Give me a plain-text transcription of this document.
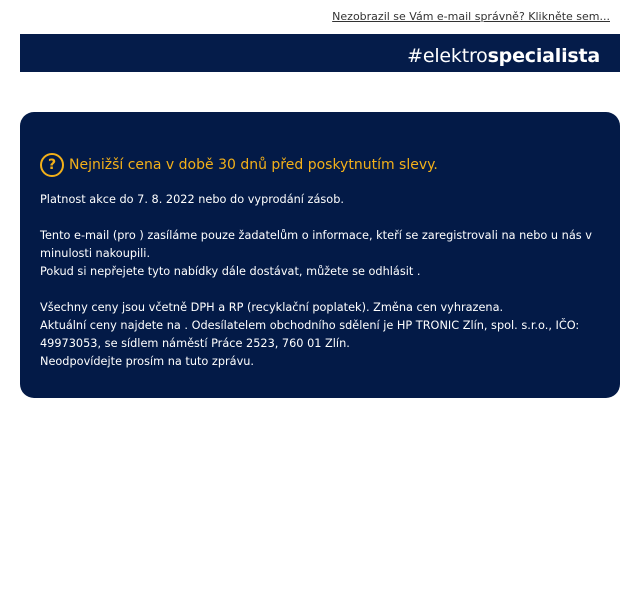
Nezobrazil se Vám e-mail správně? Klikněte sem...
#elektrospecialista
? Nejnižší cena v době 30 dnů před poskytnutím slevy.

Platnost akce do 7. 8. 2022 nebo do vyprodání zásob.

Tento e-mail (pro ) zasíláme pouze žadatelům o informace, kteří se zaregistrovali na nebo u nás v minulosti nakoupili.

Pokud si nepřejete tyto nabídky dále dostávat, můžete se odhlásit .

Všechny ceny jsou včetně DPH a RP (recyklační poplatek). Změna cen vyhrazena.

Aktuální ceny najdete na . Odesílatelem obchodního sdělení je HP TRONIC Zlín, spol. s.r.o., IČO: 49973053, se sídlem náměstí Práce 2523, 760 01 Zlín.

Neodpovídejte prosím na tuto zprávu.
